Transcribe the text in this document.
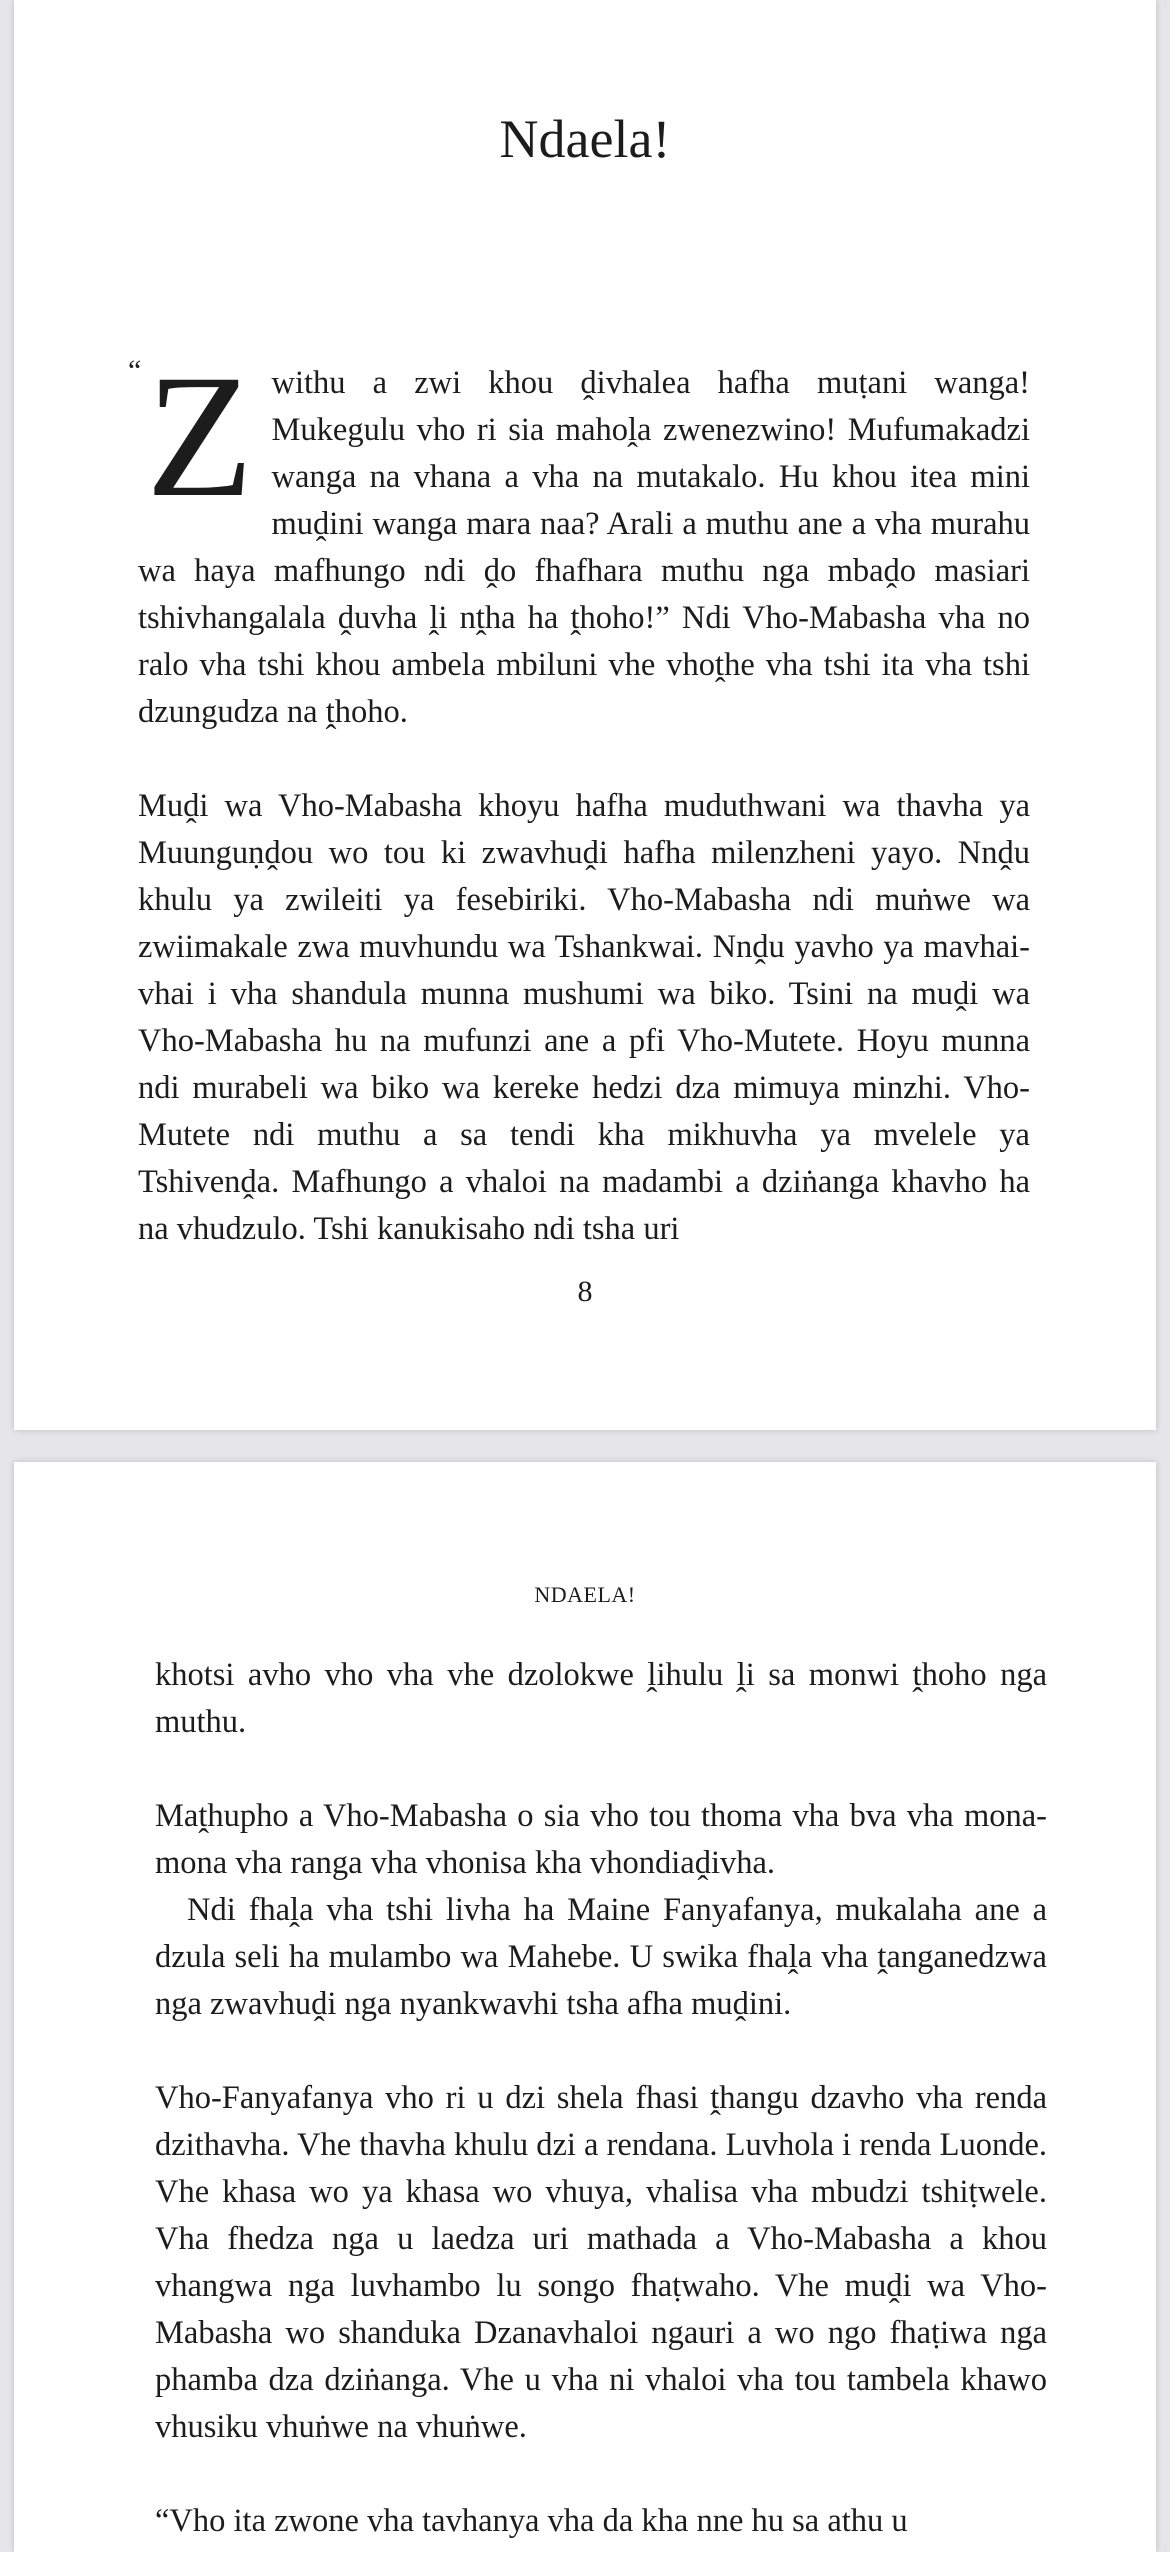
Ndaela!
“ Zwithu a zwi khou ḓivhalea hafha muṭani wanga! Mukegulu vho ri sia mahoḽa zwenezwino! Mufumakadzi wanga na vhana a vha na mutakalo. Hu khou itea mini muḓini wanga mara naa? Arali a muthu ane a vha murahu wa haya mafhungo ndi ḓo fhafhara muthu nga mbaḓo masiari tshivhangalala ḓuvha ḽi nṱha ha ṱhoho!” Ndi Vho-Mabasha vha no ralo vha tshi khou ambela mbiluni vhe vhoṱhe vha tshi ita vha tshi dzungudza na ṱhoho.

Muḓi wa Vho-Mabasha khoyu hafha muduthwani wa thavha ya Muunguṇḓou wo tou ki zwavhuḓi hafha milenzheni yayo. Nnḓu khulu ya zwileiti ya fesebiriki. Vho-Mabasha ndi muṅwe wa zwiimakale zwa muvhundu wa Tshankwai. Nnḓu yavho ya mavhai-vhai i vha shandula munna mushumi wa biko. Tsini na muḓi wa Vho-Mabasha hu na mufunzi ane a pfi Vho-Mutete. Hoyu munna ndi murabeli wa biko wa kereke hedzi dza mimuya minzhi. Vho-Mutete ndi muthu a sa tendi kha mikhuvha ya mvelele ya Tshivenḓa. Mafhungo a vhaloi na madambi a dziṅanga khavho ha na vhudzulo. Tshi kanukisaho ndi tsha uri

8
NDAELA!

khotsi avho vho vha vhe dzolokwe ḽihulu ḽi sa monwi ṱhoho nga muthu.

Maṱhupho a Vho-Mabasha o sia vho tou thoma vha bva vha mona-mona vha ranga vha vhonisa kha vhondiaḓivha.

Ndi fhaḽa vha tshi livha ha Maine Fanyafanya, mukalaha ane a dzula seli ha mulambo wa Mahebe. U swika fhaḽa vha ṱanganedzwa nga zwavhuḓi nga nyankwavhi tsha afha muḓini.

Vho-Fanyafanya vho ri u dzi shela fhasi ṱhangu dzavho vha renda dzithavha. Vhe thavha khulu dzi a rendana. Luvhola i renda Luonde. Vhe khasa wo ya khasa wo vhuya, vhalisa vha mbudzi tshiṭwele. Vha fhedza nga u laedza uri mathada a Vho-Mabasha a khou vhangwa nga luvhambo lu songo fhaṭwaho. Vhe muḓi wa Vho-Mabasha wo shanduka Dzanavhaloi ngauri a wo ngo fhaṭiwa nga phamba dza dziṅanga. Vhe u vha ni vhaloi vha tou tambela khawo vhusiku vhuṅwe na vhuṅwe.

“Vho ita zwone vha tavhanya vha da kha nne hu sa athu u
